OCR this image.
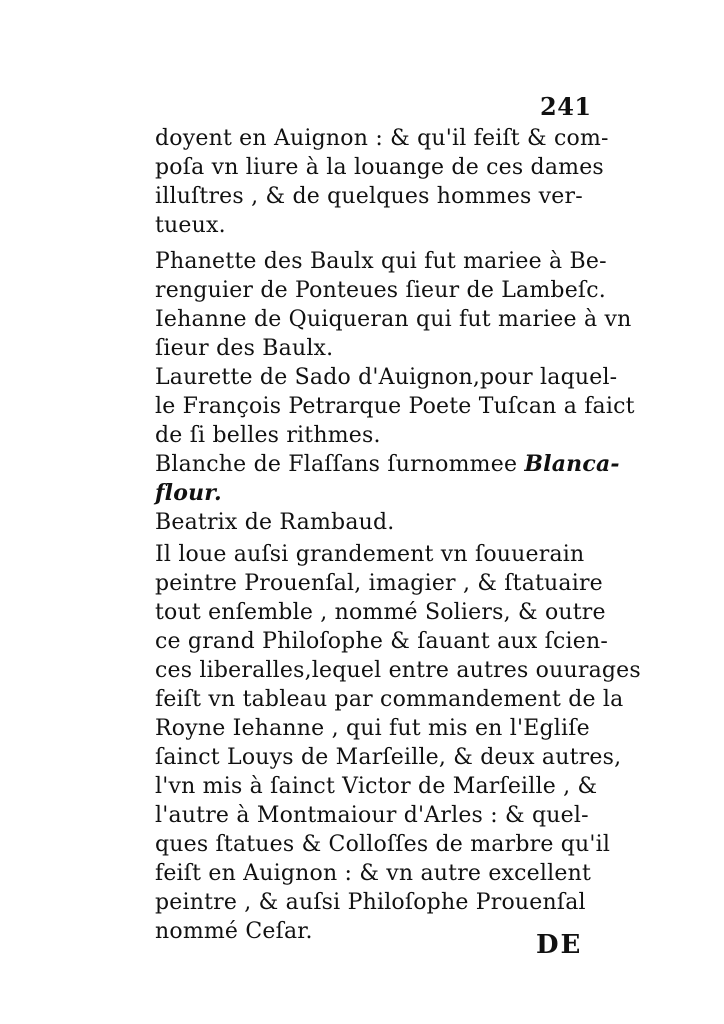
241
doyent en Auignon : & qu'il feiſt & com-
poſa vn liure à la louange de ces dames
illuſtres , & de quelques hommes ver-
tueux.
Phanette des Baulx qui fut mariee à Be-
renguier de Ponteues ſieur de Lambeſc.
Iehanne de Quiqueran qui fut mariee à vn
ſieur des Baulx.
Laurette de Sado d'Auignon,pour laquel-
le François Petrarque Poete Tuſcan a faict
de ſi belles rithmes.
Blanche de Flaſſans ſurnommee Blanca-
flour.
Beatrix de Rambaud.
Il loue auſsi grandement vn ſouuerain
peintre Prouenſal, imagier , & ſtatuaire
tout enſemble , nommé Soliers, & outre
ce grand Philoſophe & ſauant aux ſcien-
ces liberalles,lequel entre autres ouurages
feiſt vn tableau par commandement de la
Royne Iehanne , qui fut mis en l'Egliſe
ſainct Louys de Marſeille, & deux autres,
l'vn mis à ſainct Victor de Marſeille , &
l'autre à Montmaiour d'Arles : & quel-
ques ſtatues & Colloſſes de marbre qu'il
feiſt en Auignon : & vn autre excellent
peintre , & auſsi Philoſophe Prouenſal
nommé Ceſar.	DE
